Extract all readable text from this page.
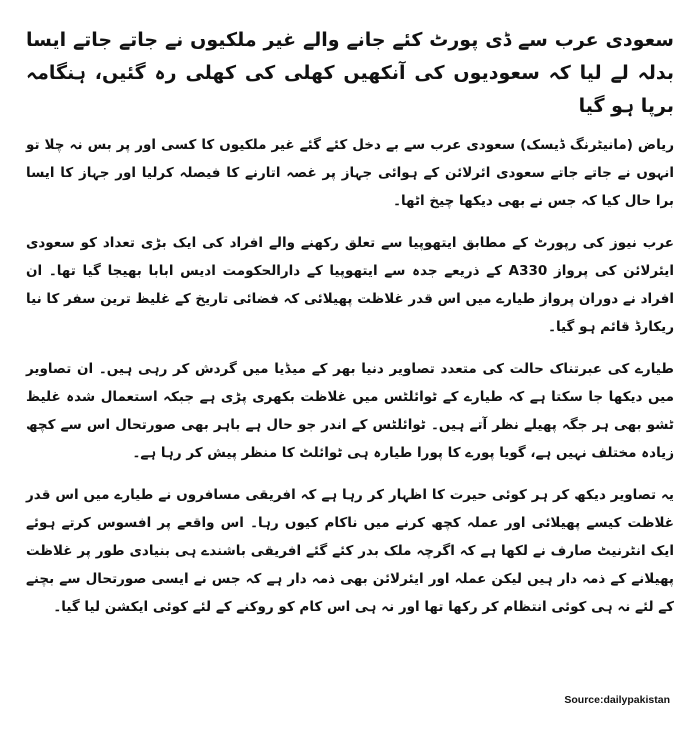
سعودی عرب سے ڈی پورٹ کئے جانے والے غیر ملکیوں نے جاتے جاتے ایسا بدلہ لے لیا کہ سعودیوں کی آنکھیں کھلی کی کھلی رہ گئیں، ہنگامہ برپا ہو گیا

ریاض (مانیٹرنگ ڈیسک) سعودی عرب سے بے دخل کئے گئے غیر ملکیوں کا کسی اور پر بس نہ چلا تو انہوں نے جاتے جاتے سعودی ائرلائن کے ہوائی جہاز پر غصہ اتارنے کا فیصلہ کرلیا اور جہاز کا ایسا برا حال کیا کہ جس نے بھی دیکھا چیخ اٹھا۔

عرب نیوز کی رپورٹ کے مطابق ایتھوپیا سے تعلق رکھنے والے افراد کی ایک بڑی تعداد کو سعودی ایئرلائن کی پرواز A330 کے ذریعے جدہ سے ایتھوپیا کے دارالحکومت ادیس ابابا بھیجا گیا تھا۔ ان افراد نے دوران پرواز طیارے میں اس قدر غلاظت پھیلائی کہ فضائی تاریخ کے غلیظ ترین سفر کا نیا ریکارڈ قائم ہو گیا۔

طیارے کی عبرتناک حالت کی متعدد تصاویر دنیا بھر کے میڈیا میں گردش کر رہی ہیں۔ ان تصاویر میں دیکھا جا سکتا ہے کہ طیارے کے ٹوائلٹس میں غلاظت بکھری پڑی ہے جبکہ استعمال شدہ غلیظ ٹشو بھی ہر جگہ پھیلے نظر آتے ہیں۔ ٹوائلٹس کے اندر جو حال ہے باہر بھی صورتحال اس سے کچھ زیادہ مختلف نہیں ہے، گویا پورے کا پورا طیارہ ہی ٹوائلٹ کا منظر پیش کر رہا ہے۔

یہ تصاویر دیکھ کر ہر کوئی حیرت کا اظہار کر رہا ہے کہ افریقی مسافروں نے طیارے میں اس قدر غلاظت کیسے پھیلائی اور عملہ کچھ کرنے میں ناکام کیوں رہا۔ اس واقعے پر افسوس کرتے ہوئے ایک انٹرنیٹ صارف نے لکھا ہے کہ اگرچہ ملک بدر کئے گئے افریقی باشندے ہی بنیادی طور پر غلاظت پھیلانے کے ذمہ دار ہیں لیکن عملہ اور ایئرلائن بھی ذمہ دار ہے کہ جس نے ایسی صورتحال سے بچنے کے لئے نہ ہی کوئی انتظام کر رکھا تھا اور نہ ہی اس کام کو روکنے کے لئے کوئی ایکشن لیا گیا۔

Source:dailypakistan
